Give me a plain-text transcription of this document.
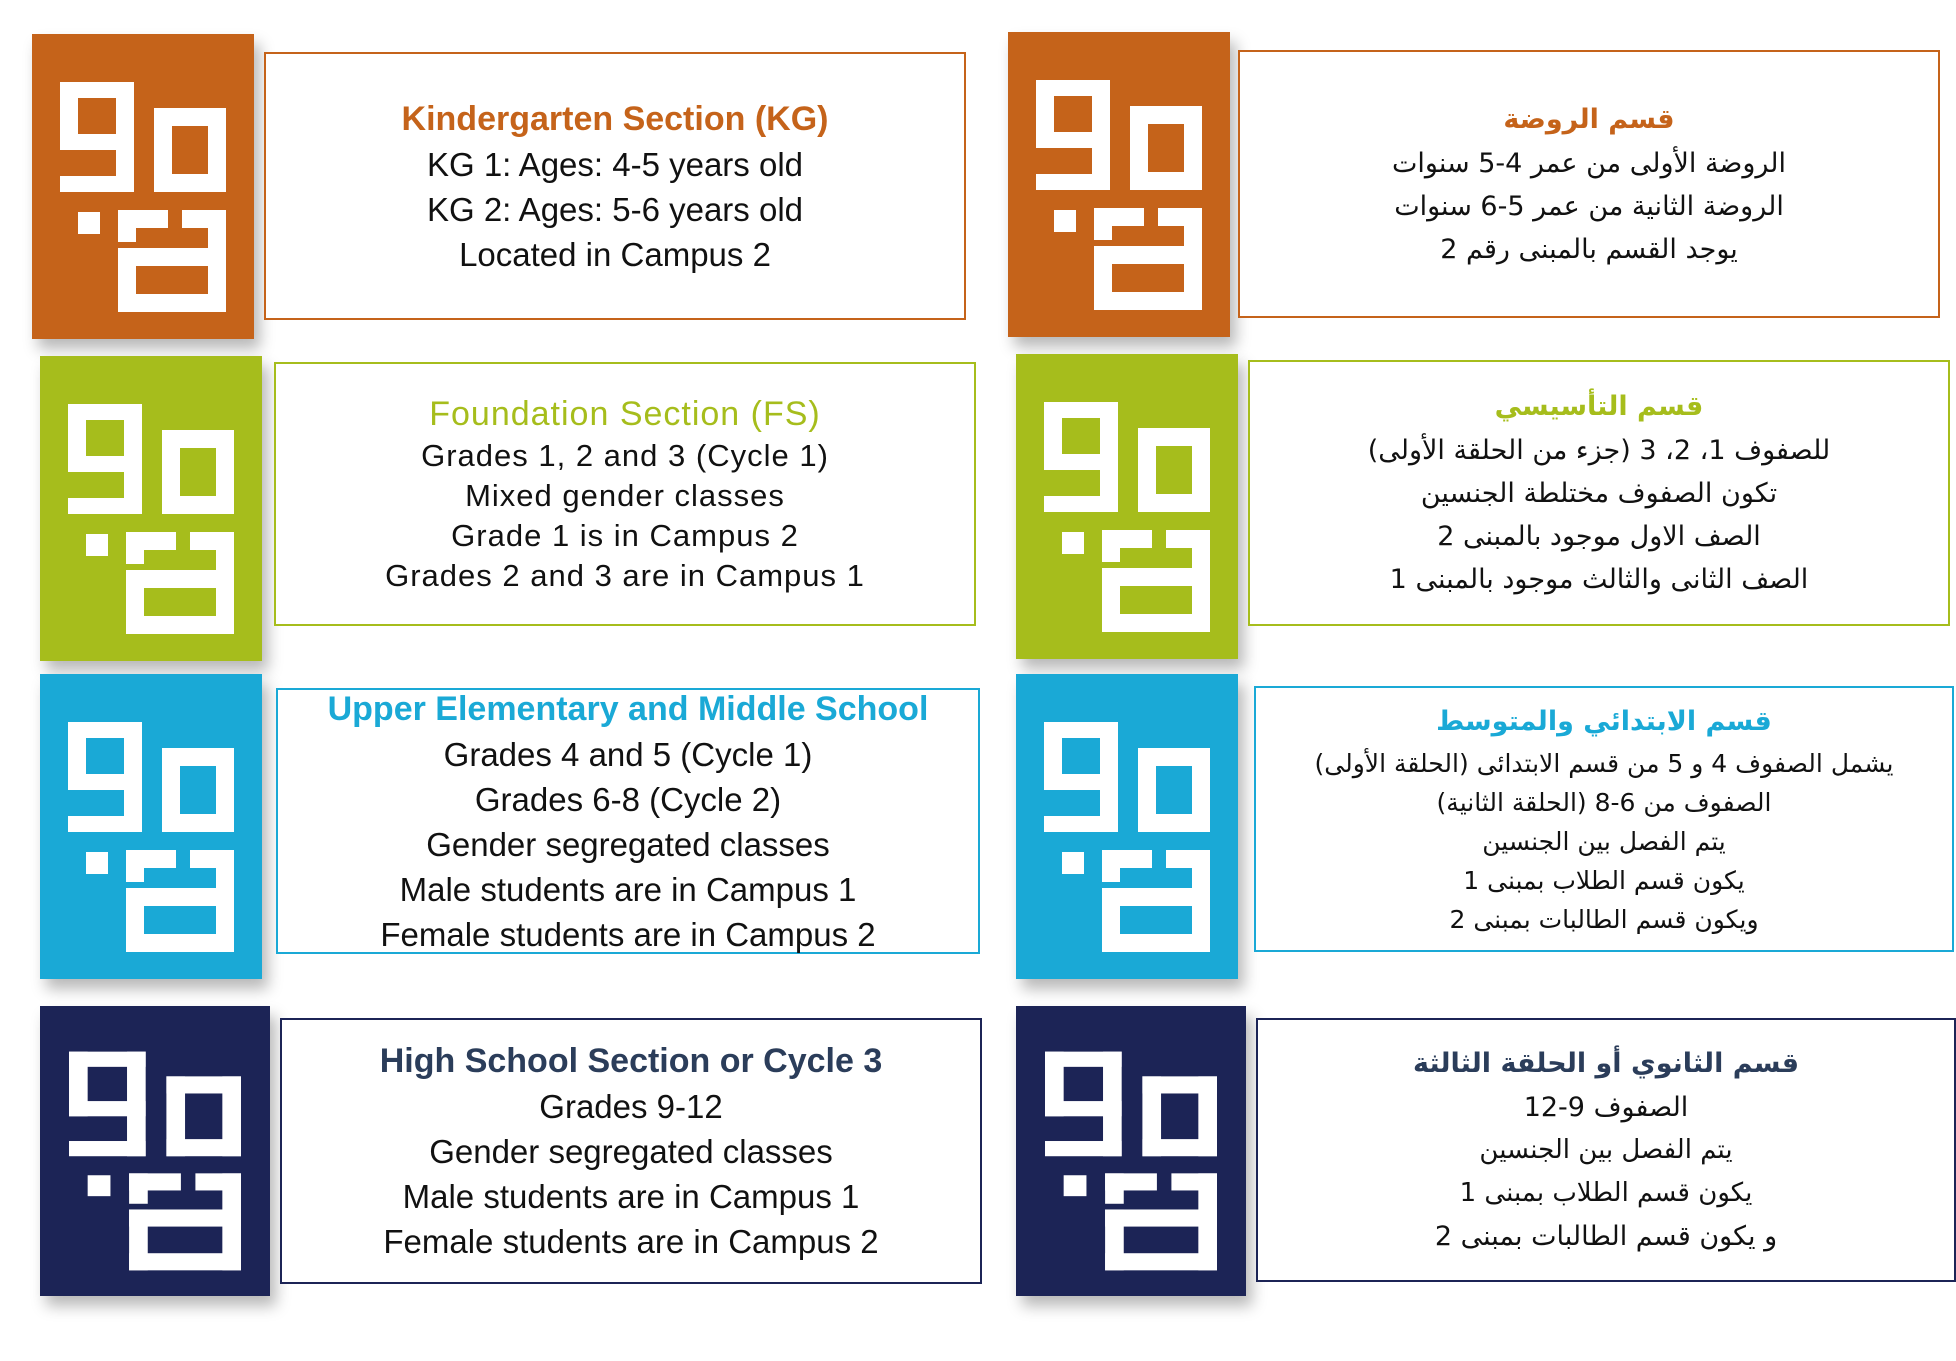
Kindergarten Section (KG)
KG 1: Ages: 4-5 years old
KG 2: Ages: 5-6 years old
Located in Campus 2
قسم الروضة
الروضة الأولى من عمر 4-5 سنوات
الروضة الثانية من عمر 5-6 سنوات
يوجد القسم بالمبنى رقم 2
Foundation Section (FS)
Grades 1, 2 and 3 (Cycle 1)
Mixed gender classes
Grade 1 is in Campus 2
Grades 2 and 3 are in Campus 1
قسم التأسيسي
للصفوف 1، 2، 3 (جزء من الحلقة الأولى)
تكون الصفوف مختلطة الجنسين
الصف الاول موجود بالمبنى 2
الصف الثانى والثالث موجود بالمبنى 1
Upper Elementary and Middle School
Grades 4 and 5 (Cycle 1)
Grades 6-8 (Cycle 2)
Gender segregated classes
Male students are in Campus 1
Female students are in Campus 2
قسم الابتدائي والمتوسط
يشمل الصفوف 4 و 5 من قسم الابتدائى (الحلقة الأولى)
الصفوف من 6-8 (الحلقة الثانية)
يتم الفصل بين الجنسين
يكون قسم الطلاب بمبنى 1
ويكون قسم الطالبات بمبنى 2
High School Section or Cycle 3
Grades 9-12
Gender segregated classes
Male students are in Campus 1
Female students are in Campus 2
قسم الثانوي أو الحلقة الثالثة
الصفوف 9-12
يتم الفصل بين الجنسين
يكون قسم الطلاب بمبنى 1
و يكون قسم الطالبات بمبنى 2
